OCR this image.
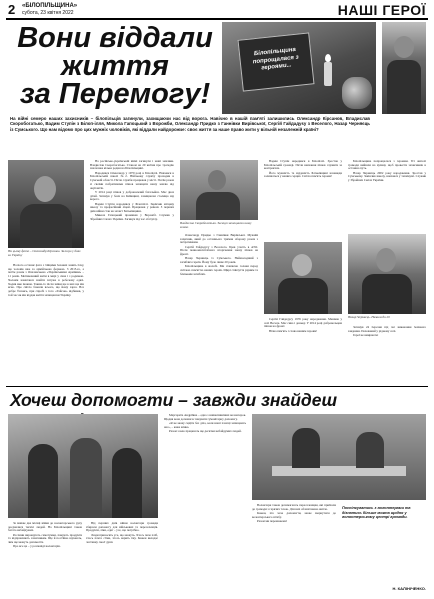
2 «БІЛОПІЛЬЩИНА»
субота, 23 квітня 2022	НАШІ ГЕРОЇ
Вони віддали
життя
за Перемогу!
Білопільщина попрощалася з героями...
На війні семеро наших захисників – білопільців загинули, захищаючи нас від ворога. Навічно в нашій пам'яті залишились Олександр Кірсанов, Владислав Скоробогатько, Вадим Ступін з Білоп-ілля, Микола Гапоцький з Ворожби, Олександр Придко з Ганнівки Вирівської, Сергій Гайдадуєу з Веселого, Назар Черняєць із Сумського. Що нам відомо про цих мужніх чоловіків, які віддали найдорожче: своє життя за наше право жити у вільній незалежній країні?
На цьому фото – Олександр Кірсанов. Загинув у боях за Україну

На його останнє фото з бійцями базових занять бачу, що чоловік вже за армійською формою. З 2015-го, а потім разом з Опалевською «Українськими Арміями» – 11 років. Мотивований жити в мирі у сина і з родиною. Чоловік намагався знайти хатуже в робочому одязі. Ходив вже інакше. Таким-то після зміни ще в них ще він ясно. Про світло бажали всього, що йому зараз. Все добре б'ючись, при спробі з того «Тайсон» відбивав, у той час як він віддав життя захищаючи Україну.

На російсько-українській війні загинули і наші земляки. Владислав Скоробогатько. Станом на 20 квітня про трагедію знали вже кілька родин на Білопільщині.

Народився Олександр у 1979 році в Білопіллі. Навчався в Білопільській школі №2. Військову службу проходив в Сумській області. Після служби працював у місті. Потім разом зі своїми побратимами пішов захищати нашу землю від окупантів.

У 2014 році пішов у добровольчий батальйон. Має двох дітей. Загинув у боях на Київщині, захищаючи столицю від ворога.

Вадим Ступін народився у Білопіллі. Закінчив місцеву школу та професійний ліцей. Працював у районі. З перших днів війни став на захист Батьківщини.

Микола Гапоцький проживав у Ворожбі. Служив у Збройних Силах України. Загинув під час обстрілу.

Владислав Скоробогатько. Загинув захищаючи нашу землю

Олександр Придко з Ганнівки Вирівської. Мужній захисник, який до останнього тримав оборону разом з побратимами.

Сергій Гайдадуєу з Веселого. Брав участь в АТО. Після повномасштабного вторгнення знову пішов на фронт.

Назар Черняєць із Сумського. Наймолодший з загиблих героїв. Йому було лише 20 років.

Білопільщина в жалобі. Ми схиляємо голови перед світлою пам'яттю наших героїв. Щирі співчуття рідним та близьким загиблих.

Вадим Ступін народився в Білопіллі. Зростав у Білопільській громаді. Після навчання пішов служити за контрактом.

Його мужність та відданість Батьківщині назавжди залишаться у наших серцях. Світла пам'ять героям!

Сергій Гайдадуєу 1976 року народження. Мешкав у селі Веселе. Має сина і доньку. У 2014 році добровольцем пішов на фронт.

Вічна пам'ять і слава нашим героям!

Білопільщина попрощалася з героями. Усі жителі громади вийшли на вулиці, щоб провести захисників в останню путь.

Назар Черняєць 2002 року народження. Зростав у Сумському. Закінчив школу, навчався у технікумі. Служив у Збройних Силах України.

Назар Черняєць. Назавжди 20

Загинув 24 березня під час виконання бойового завдання. Похований у рідному селі.

Герої не вмирають!

Хочеш допомогти – завжди знайдеш

За майже два місяці війни до волонтерського руху доєдналися тисячі людей. На Білопільщині також багато небайдужих.

Рослини вирощують самотужки, пакують продукти та відправляють захисникам. Ще й постійно шукають, чим ще можуть допомогти.

Про все це – у розповіді волонтерів.

Від перших днів війни волонтери громади збирали допомогу для військових та переселенців. Продукти, ліки, одяг – усе, що потрібно.

Люди приносять усе, що можуть. Хтось пече хліб, хтось плете сітки, хтось варить їжу. Кожен вкладає частинку своєї душі.

Маргарита Андріївна – одна з найактивніших волонтерок. Щодня вона допомагає пакувати гуманітарну допомогу.

«Я не можу сидіти без діла, коли наші хлопці захищають нас», – каже жінка.

Разом з нею працюють ще десятки небайдужих людей.

Волонтери також допомагають переселенцям, які приїхали до громади з гарячих точок. Для них облаштовано житло.

Кожен, хто хоче допомогти, може звернутися до волонтерського штабу.

Разом ми переможемо!

Поспілкуватись з волонтерами та дізнатись більше можна щодня у волонтерському центрі громади.
Н. КАЛІНІЧЕНКО.
